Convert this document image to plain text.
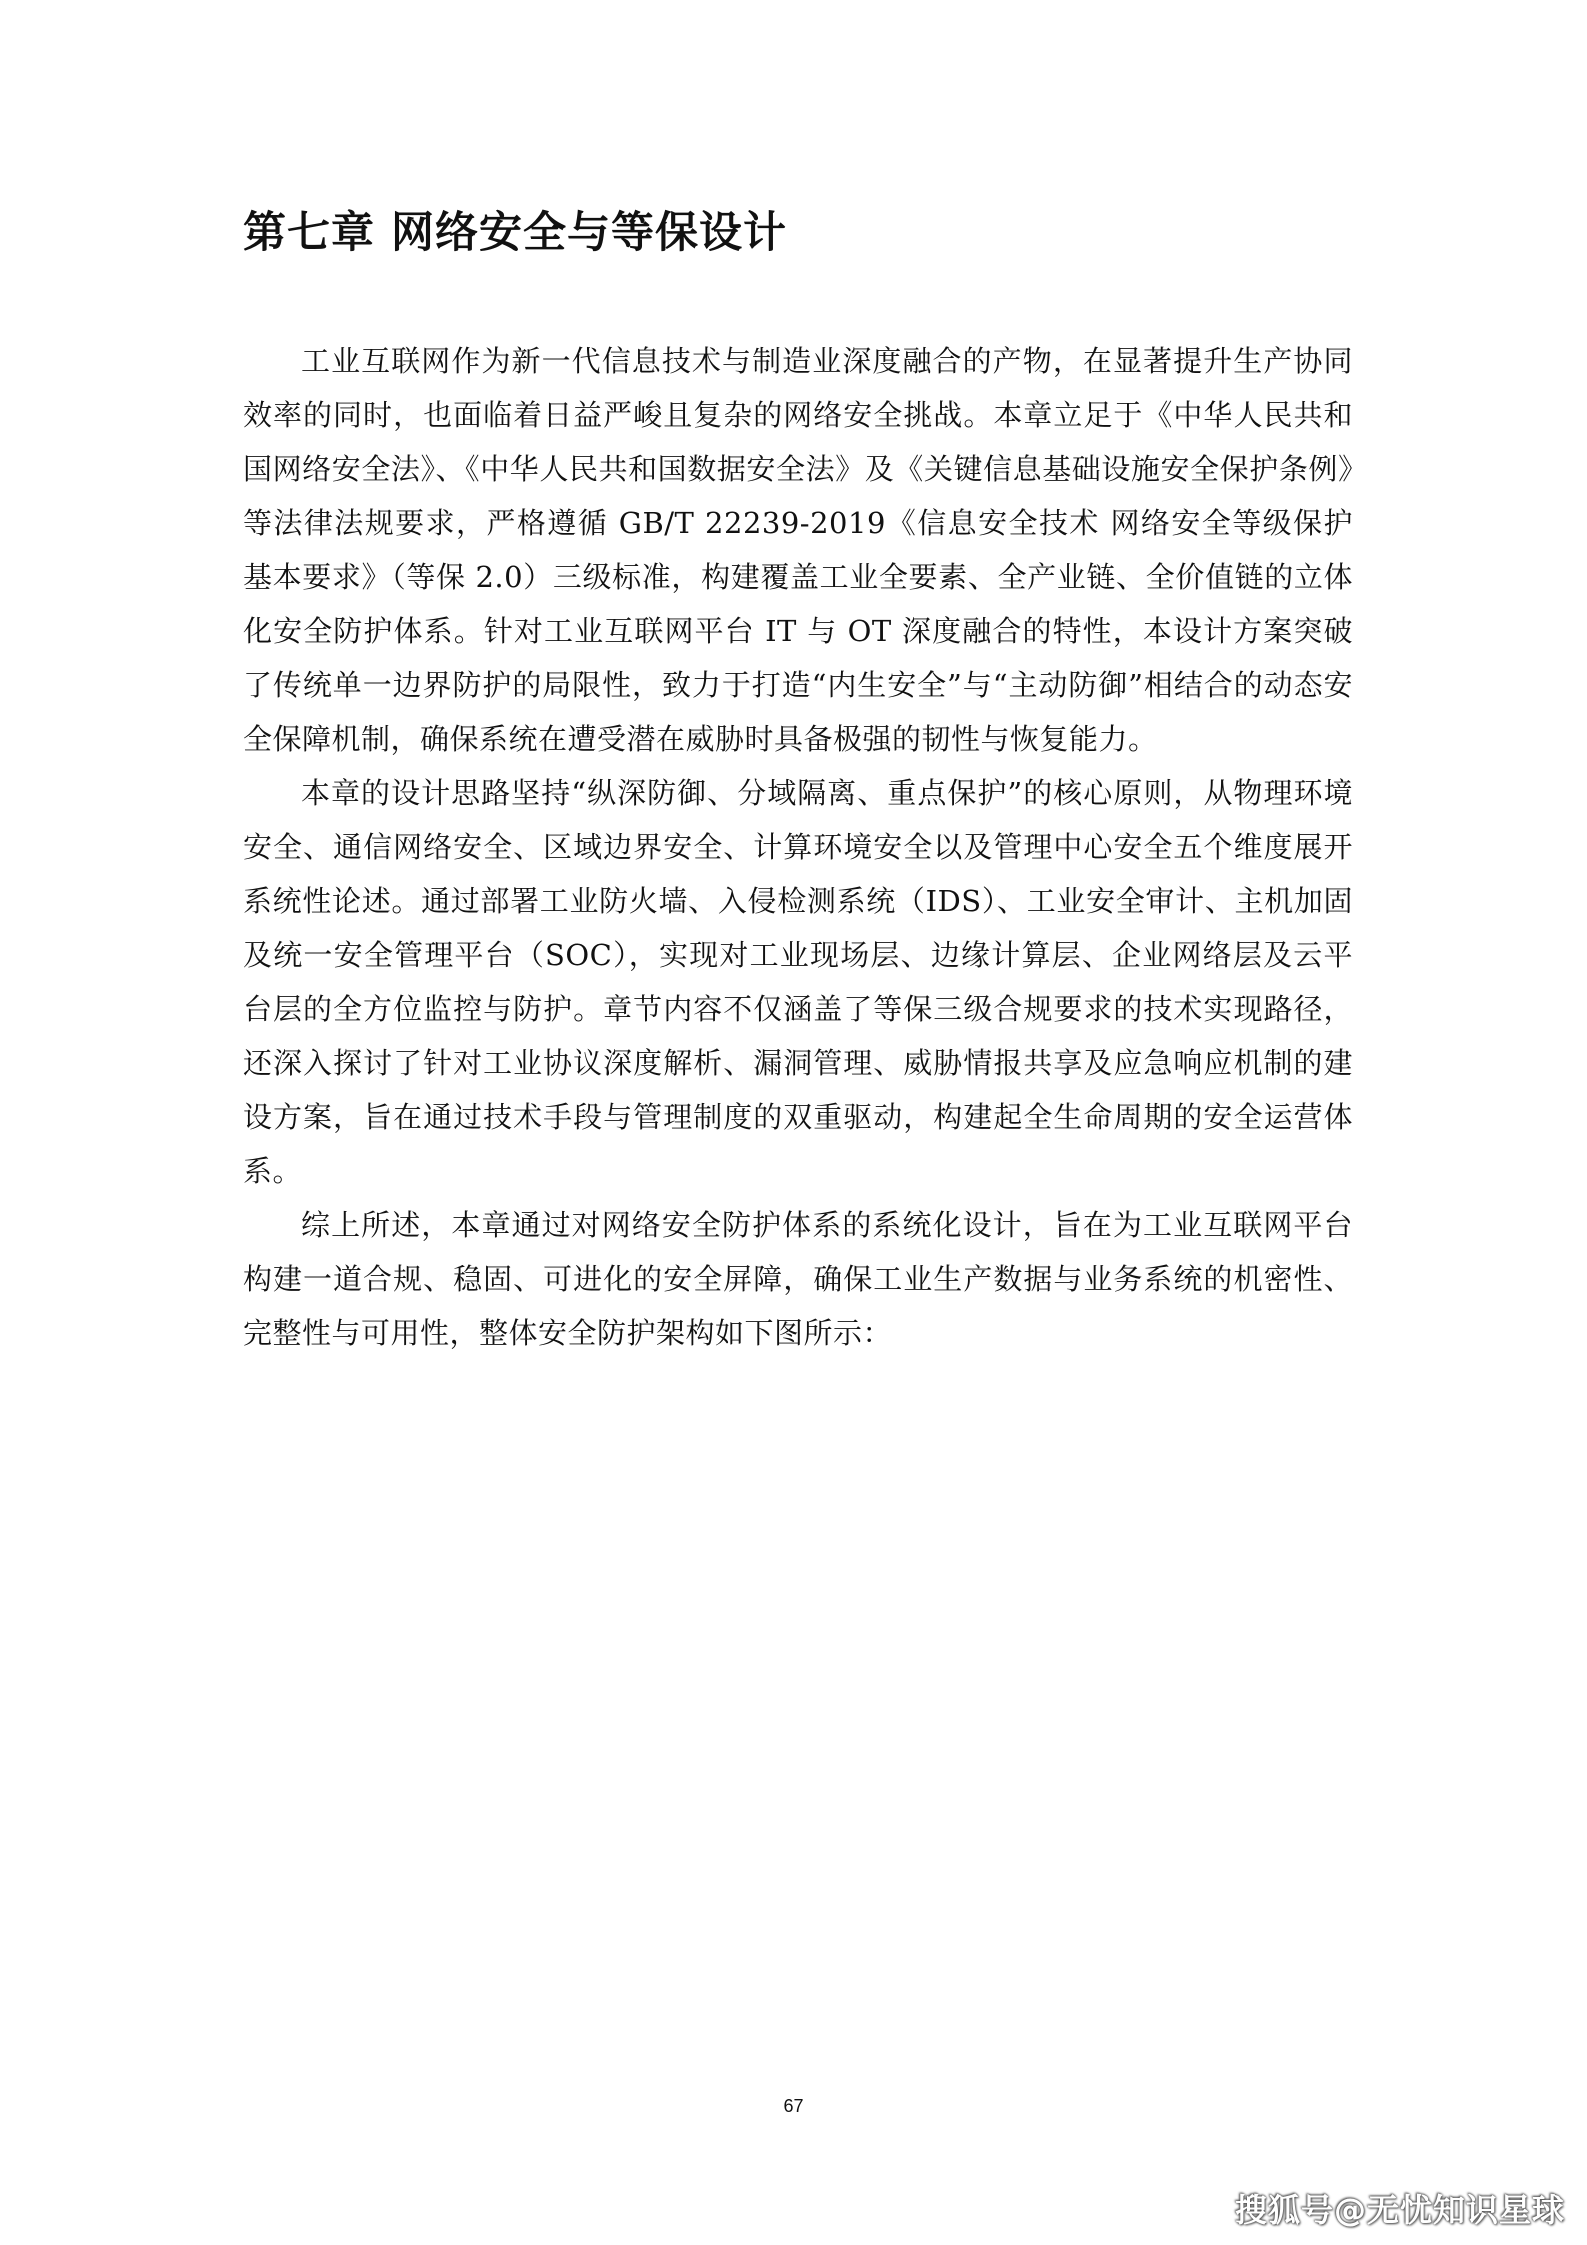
第七章 网络安全与等保设计

工业互联网作为新一代信息技术与制造业深度融合的产物，在显著提升生产协同效率的同时，也面临着日益严峻且复杂的网络安全挑战。本章立足于《中华人民共和国网络安全法》、《中华人民共和国数据安全法》及《关键信息基础设施安全保护条例》等法律法规要求，严格遵循 GB/T 22239-2019《信息安全技术 网络安全等级保护基本要求》（等保 2.0）三级标准，构建覆盖工业全要素、全产业链、全价值链的立体化安全防护体系。针对工业互联网平台 IT 与 OT 深度融合的特性，本设计方案突破了传统单一边界防护的局限性，致力于打造“内生安全”与“主动防御”相结合的动态安全保障机制，确保系统在遭受潜在威胁时具备极强的韧性与恢复能力。

本章的设计思路坚持“纵深防御、分域隔离、重点保护”的核心原则，从物理环境安全、通信网络安全、区域边界安全、计算环境安全以及管理中心安全五个维度展开系统性论述。通过部署工业防火墙、入侵检测系统（IDS）、工业安全审计、主机加固及统一安全管理平台（SOC），实现对工业现场层、边缘计算层、企业网络层及云平台层的全方位监控与防护。章节内容不仅涵盖了等保三级合规要求的技术实现路径，还深入探讨了针对工业协议深度解析、漏洞管理、威胁情报共享及应急响应机制的建设方案，旨在通过技术手段与管理制度的双重驱动，构建起全生命周期的安全运营体系。

综上所述，本章通过对网络安全防护体系的系统化设计，旨在为工业互联网平台构建一道合规、稳固、可进化的安全屏障，确保工业生产数据与业务系统的机密性、完整性与可用性，整体安全防护架构如下图所示：

67
搜狐号@无忧知识星球
